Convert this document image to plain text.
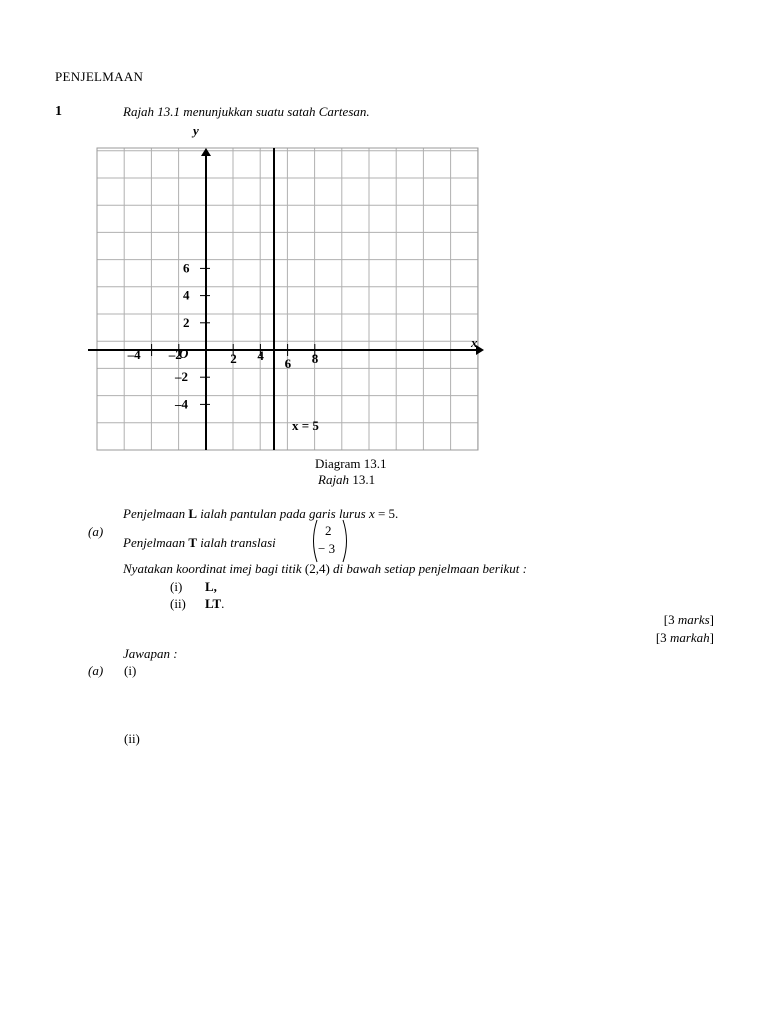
PENJELMAAN
1	Rajah 13.1 menunjukkan suatu satah Cartesan.
–4 –2	2 4
6 8
6
4
2
–2
–4
O
x
y
x = 5
Diagram 13.1
Rajah 13.1
Penjelmaan L ialah pantulan pada garis lurus x = 5.
(a)
Penjelmaan T ialah translasi
2
− 3
Nyatakan koordinat imej bagi titik (2,4) di bawah setiap penjelmaan berikut :
(i) L,
(ii) LT.
[3 marks]
[3 markah]
Jawapan :
(a) (i)
(ii)
